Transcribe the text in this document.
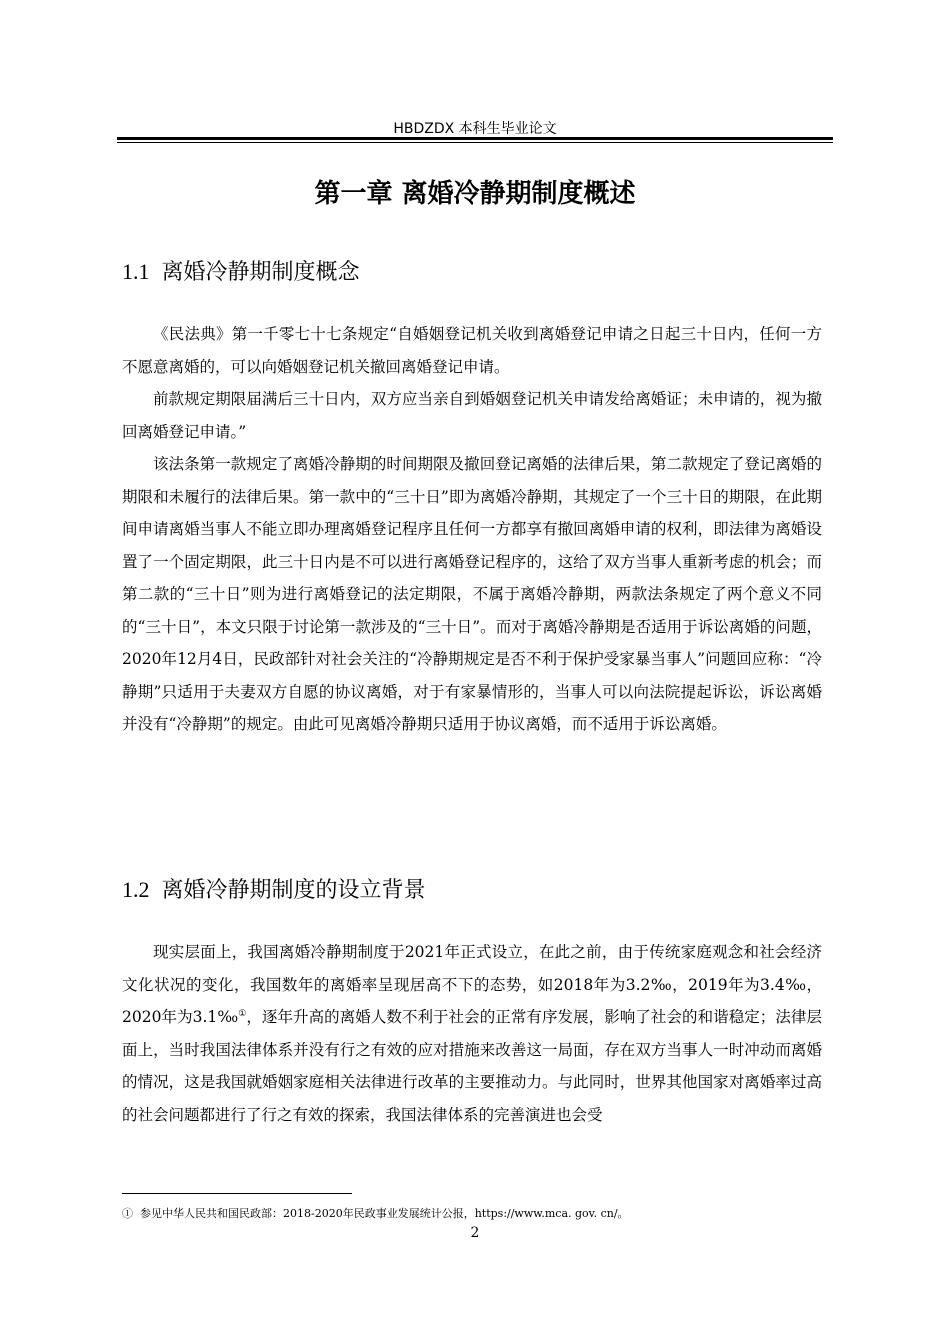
HBDZDX 本科生毕业论文
第一章 离婚冷静期制度概述
1.1 离婚冷静期制度概念

《民法典》第一千零七十七条规定“自婚姻登记机关收到离婚登记申请之日起三十日内，任何一方不愿意离婚的，可以向婚姻登记机关撤回离婚登记申请。

前款规定期限届满后三十日内，双方应当亲自到婚姻登记机关申请发给离婚证；未申请的，视为撤回离婚登记申请。”

该法条第一款规定了离婚冷静期的时间期限及撤回登记离婚的法律后果，第二款规定了登记离婚的期限和未履行的法律后果。第一款中的“三十日”即为离婚冷静期，其规定了一个三十日的期限，在此期间申请离婚当事人不能立即办理离婚登记程序且任何一方都享有撤回离婚申请的权利，即法律为离婚设置了一个固定期限，此三十日内是不可以进行离婚登记程序的，这给了双方当事人重新考虑的机会；而第二款的“三十日”则为进行离婚登记的法定期限，不属于离婚冷静期，两款法条规定了两个意义不同的“三十日”，本文只限于讨论第一款涉及的“三十日”。而对于离婚冷静期是否适用于诉讼离婚的问题，2020年12月4日，民政部针对社会关注的“冷静期规定是否不利于保护受家暴当事人”问题回应称：“冷静期”只适用于夫妻双方自愿的协议离婚，对于有家暴情形的，当事人可以向法院提起诉讼，诉讼离婚并没有“冷静期”的规定。由此可见离婚冷静期只适用于协议离婚，而不适用于诉讼离婚。

1.2 离婚冷静期制度的设立背景

现实层面上，我国离婚冷静期制度于2021年正式设立，在此之前，由于传统家庭观念和社会经济文化状况的变化，我国数年的离婚率呈现居高不下的态势，如2018年为3.2‰，2019年为3.4‰，2020年为3.1‰①，逐年升高的离婚人数不利于社会的正常有序发展，影响了社会的和谐稳定；法律层面上，当时我国法律体系并没有行之有效的应对措施来改善这一局面，存在双方当事人一时冲动而离婚的情况，这是我国就婚姻家庭相关法律进行改革的主要推动力。与此同时，世界其他国家对离婚率过高的社会问题都进行了行之有效的探索，我国法律体系的完善演进也会受

① 参见中华人民共和国民政部：2018-2020年民政事业发展统计公报，https://www.mca. gov. cn/。
2
